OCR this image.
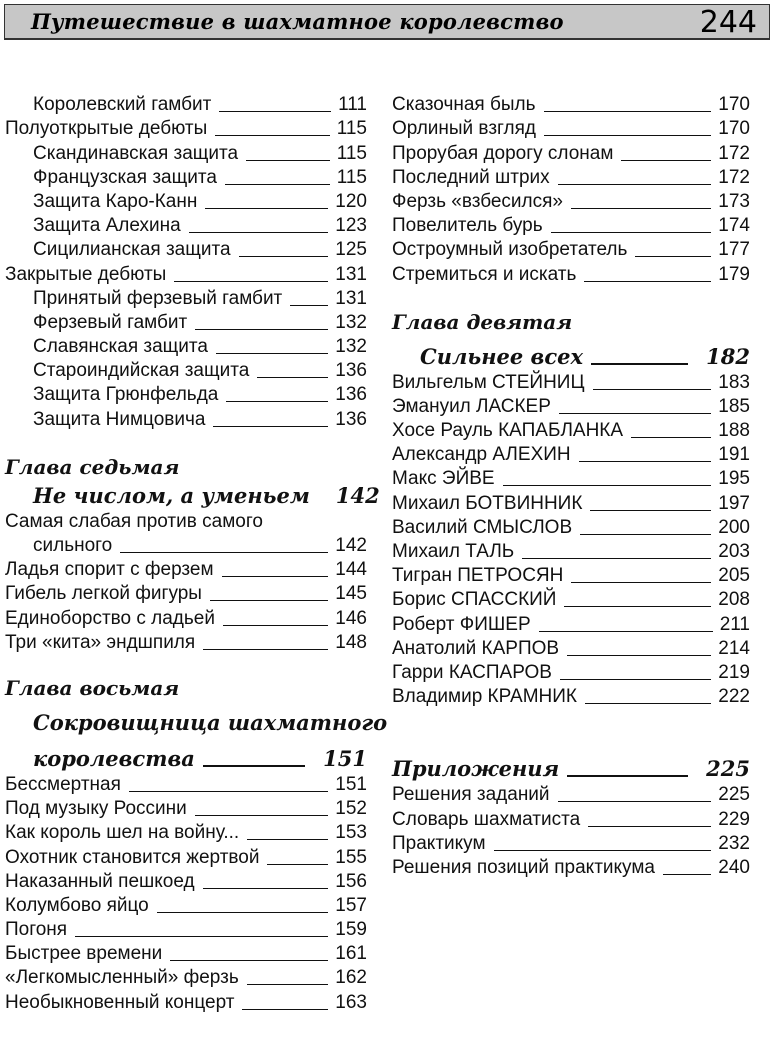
Путешествие в шахматное королевство	244
Королевский гамбит	111
Полуоткрытые дебюты	115
Скандинавская защита	115
Французская защита	115
Защита Каро-Канн	120
Защита Алехина	123
Сицилианская защита	125
Закрытые дебюты	131
Принятый ферзевый гамбит	131
Ферзевый гамбит	132
Славянская защита	132
Староиндийская защита	136
Защита Грюнфельда	136
Защита Нимцовича	136
Глава седьмая
Не числом, а уменьем 142
Самая слабая против самого
сильного	142
Ладья спорит с ферзем	144
Гибель легкой фигуры	145
Единоборство с ладьей	146
Три «кита» эндшпиля	148
Глава восьмая
Сокровищница шахматного
королевства	151
Бессмертная	151
Под музыку Россини	152
Как король шел на войну...	153
Охотник становится жертвой	155
Наказанный пешкоед	156
Колумбово яйцо	157
Погоня	159
Быстрее времени	161
«Легкомысленный» ферзь	162
Необыкновенный концерт	163
Сказочная быль	170
Орлиный взгляд	170
Прорубая дорогу слонам	172
Последний штрих	172
Ферзь «взбесился»	173
Повелитель бурь	174
Остроумный изобретатель	177
Стремиться и искать	179
Глава девятая
Сильнее всех	182
Вильгельм СТЕЙНИЦ	183
Эмануил ЛАСКЕР	185
Хосе Рауль КАПАБЛАНКА	188
Александр АЛЕХИН	191
Макс ЭЙВЕ	195
Михаил БОТВИННИК	197
Василий СМЫСЛОВ	200
Михаил ТАЛЬ	203
Тигран ПЕТРОСЯН	205
Борис СПАССКИЙ	208
Роберт ФИШЕР	211
Анатолий КАРПОВ	214
Гарри КАСПАРОВ	219
Владимир КРАМНИК	222
Приложения	225
Решения заданий	225
Словарь шахматиста	229
Практикум	232
Решения позиций практикума	240
